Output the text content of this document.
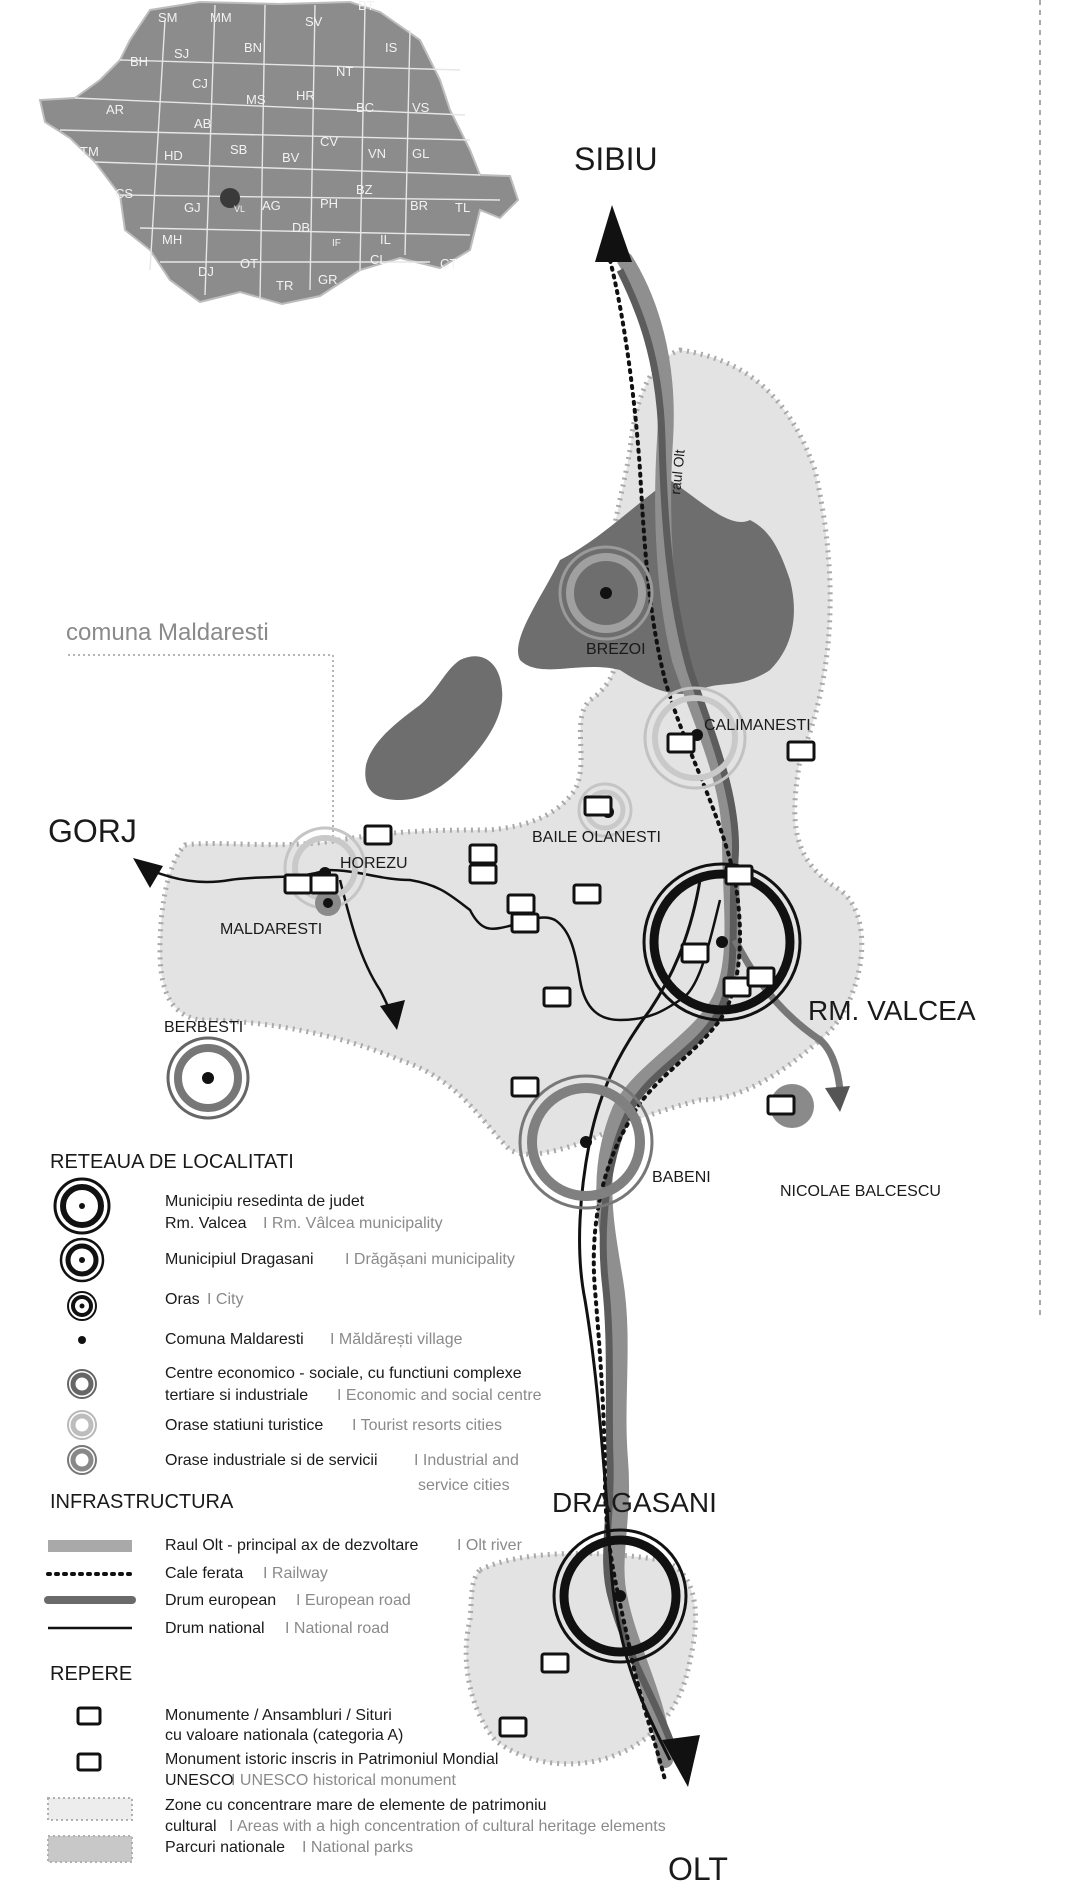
SM	MM	SV
BT
BH
SJ	BN	IS
NT
AR
CJ
MS HR
BC	VS
AB
SB
CV
VN GL
TM	HD	BV
BZ
CS
GJ	AG	PH	BR TL
VL
DB
IF
MH
DJ
OT
TR GR
CL
IL
CT
SIBIU
GORJ
OLT
RM. VALCEA
DRAGASANI
BREZOI
CALIMANESTI
BAILE OLANESTI
HOREZU
MALDARESTI
BERBESTI
BABENI
NICOLAE BALCESCU
comuna Maldaresti
raul Olt
RETEAUA DE LOCALITATI
Municipiu resedinta de judet
Rm. Valcea I Rm. Vâlcea municipality
Municipiul Dragasani I Drăgășani municipality
Oras I City
Comuna Maldaresti I Măldărești village
Centre economico - sociale, cu functiuni complexe
tertiare si industriale I Economic and social centre
Orase statiuni turistice I Tourist resorts cities
Orase industriale si de servicii I Industrial and
service cities
INFRASTRUCTURA
Raul Olt - principal ax de dezvoltare I Olt river
Cale ferata I Railway
Drum european I European road
Drum national I National road
REPERE
Monumente / Ansambluri / Situri
cu valoare nationala (categoria A)
Monument istoric inscris in Patrimoniul Mondial
UNESCO
I UNESCO historical monument
Zone cu concentrare mare de elemente de patrimoniu
cultural I Areas with a high concentration of cultural heritage elements
Parcuri nationale I National parks
